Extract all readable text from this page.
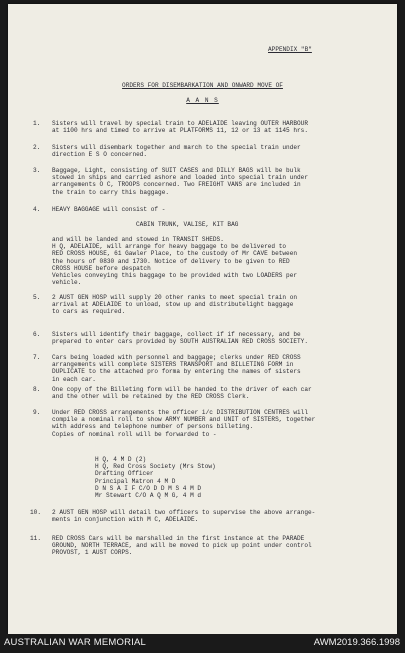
APPENDIX "B"
ORDERS FOR DISEMBARKATION AND ONWARD MOVE OF
A A N S
1. Sisters will travel by special train to ADELAIDE leaving OUTER HARBOUR
at 1100 hrs and timed to arrive at PLATFORMS 11, 12 or 13 at 1145 hrs.
2. Sisters will disembark together and march to the special train under
direction E S O concerned.
3. Baggage, Light, consisting of SUIT CASES and DILLY BAGS will be bulk
stowed in ships and carried ashore and loaded into special train under
arrangements O C, TROOPS concerned. Two FREIGHT VANS are included in
the train to carry this baggage.
4. HEAVY BAGGAGE will consist of -
CABIN TRUNK, VALISE, KIT BAG
and will be landed and stowed in TRANSIT SHEDS.
H Q, ADELAIDE, will arrange for heavy baggage to be delivered to
RED CROSS HOUSE, 61 Gawler Place, to the custody of Mr CAVE between
the hours of 0830 and 1730. Notice of delivery to be given to RED
CROSS HOUSE before despatch
Vehicles conveying this baggage to be provided with two LOADERS per
vehicle.
5. 2 AUST GEN HOSP will supply 20 other ranks to meet special train on
arrival at ADELAIDE to unload, stow up and distributelight baggage
to cars as required.
6. Sisters will identify their baggage, collect if if necessary, and be
prepared to enter cars provided by SOUTH AUSTRALIAN RED CROSS SOCIETY.
7. Cars being loaded with personnel and baggage; clerks under RED CROSS
arrangements will complete SISTERS TRANSPORT and BILLETING FORM in
DUPLICATE to the attached pro forma by entering the names of sisters
in each car.
8. One copy of the Billeting form will be handed to the driver of each car
and the other will be retained by the RED CROSS Clerk.
9. Under RED CROSS arrangements the officer i/c DISTRIBUTION CENTRES will
compile a nominal roll to show ARMY NUMBER and UNIT of SISTERS, together
with address and telephone number of persons billeting.
Copies of nominal roll will be forwarded to -
H Q, 4 M D (2)
H Q, Red Cross Society (Mrs Stow)
Drafting Officer
Principal Matron 4 M D
D N S A I F C/O D D M S 4 M D
Mr Stewart C/O A Q M G, 4 M d
10. 2 AUST GEN HOSP will detail two officers to supervise the above arrange-
ments in conjunction with M C, ADELAIDE.
11. RED CROSS Cars will be marshalled in the first instance at the PARADE
GROUND, NORTH TERRACE, and will be moved to pick up point under control
PROVOST, 1 AUST CORPS.
AUSTRALIAN WAR MEMORIAL	AWM2019.366.1998
